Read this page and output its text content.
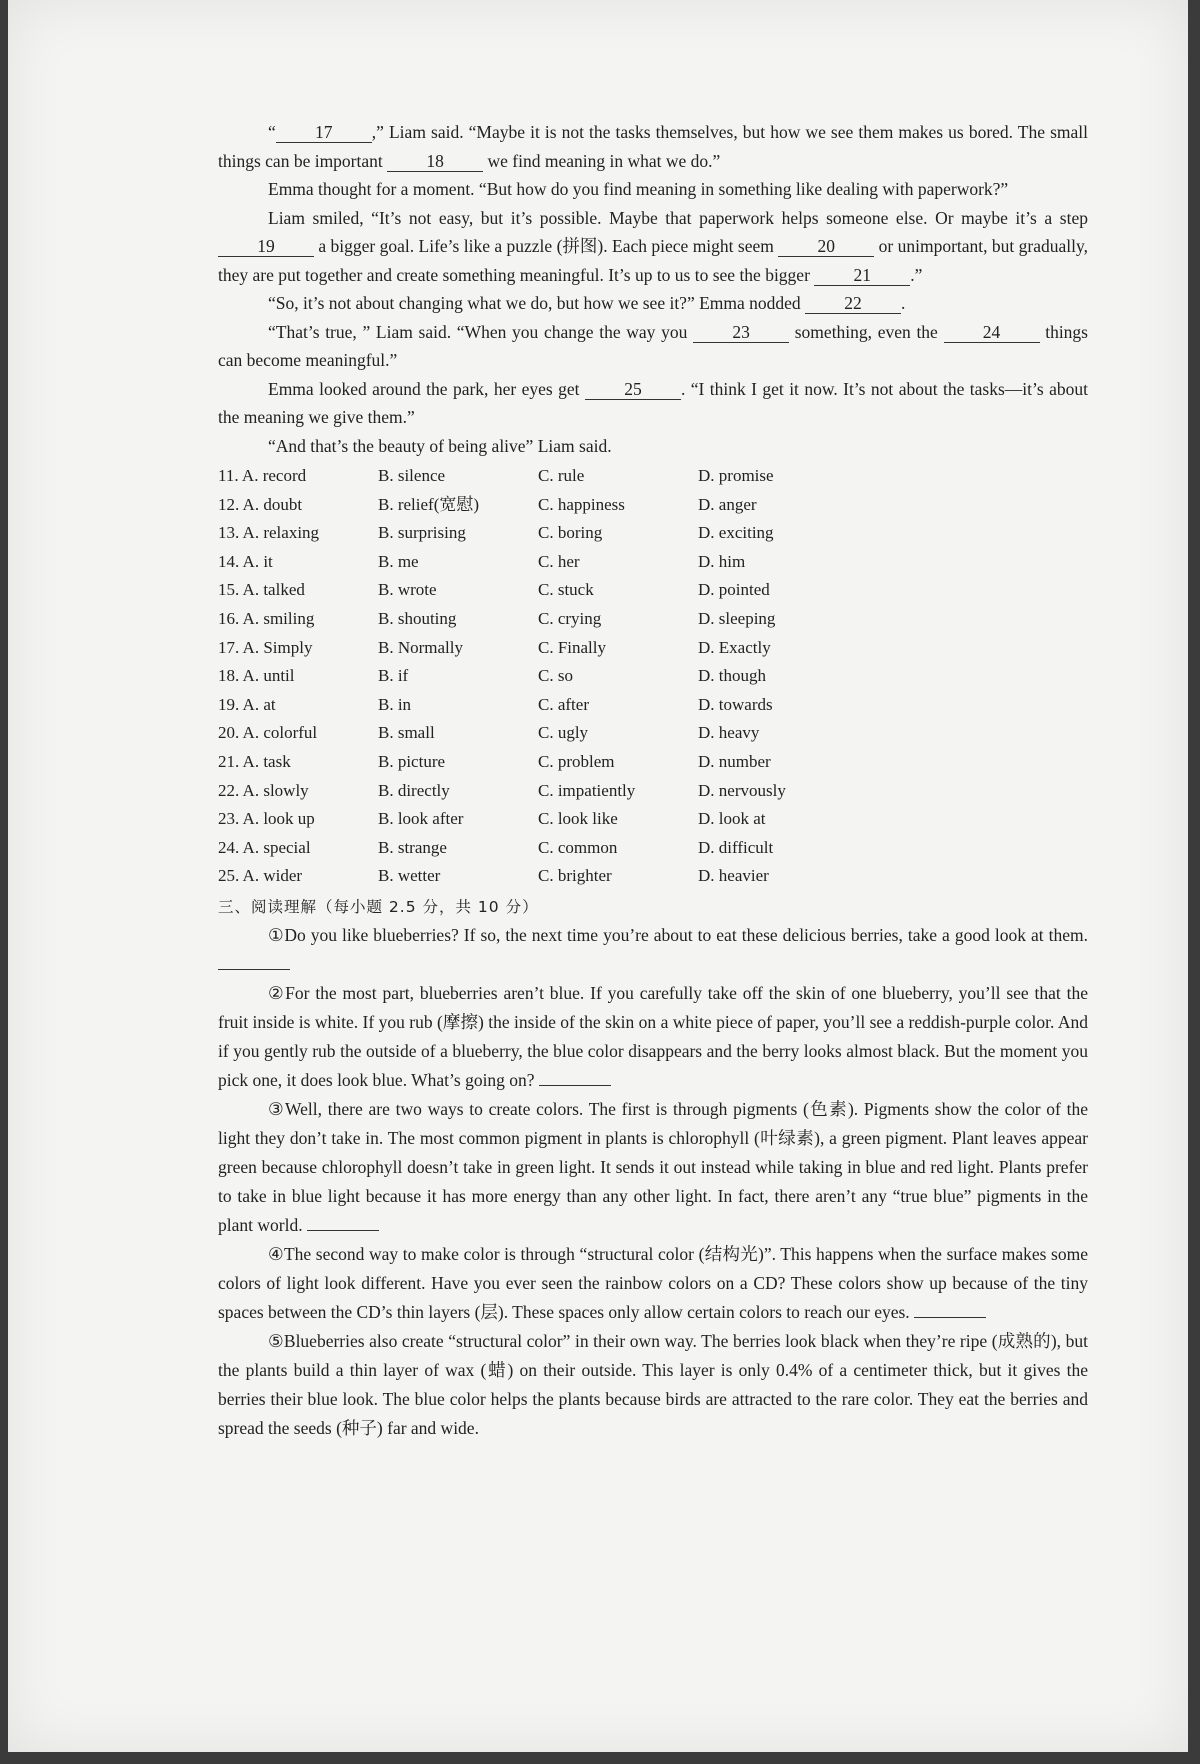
“ 17 ,” Liam said. “Maybe it is not the tasks themselves, but how we see them makes us bored. The small things can be important 18 we find meaning in what we do.”

Emma thought for a moment. “But how do you find meaning in something like dealing with paperwork?”

Liam smiled, “It’s not easy, but it’s possible. Maybe that paperwork helps someone else. Or maybe it’s a step 19 a bigger goal. Life’s like a puzzle (拼图). Each piece might seem 20 or unimportant, but gradually, they are put together and create something meaningful. It’s up to us to see the bigger 21 .”

“So, it’s not about changing what we do, but how we see it?” Emma nodded 22 .

“That’s true, ” Liam said. “When you change the way you 23 something, even the 24 things can become meaningful.”

Emma looked around the park, her eyes get 25 . “I think I get it now. It’s not about the tasks—it’s about the meaning we give them.”

“And that’s the beauty of being alive” Liam said.

11. A. record	B. silence	C. rule	D. promise
12. A. doubt	B. relief(宽慰)	C. happiness	D. anger
13. A. relaxing	B. surprising	C. boring	D. exciting
14. A. it	B. me	C. her	D. him
15. A. talked	B. wrote	C. stuck	D. pointed
16. A. smiling	B. shouting	C. crying	D. sleeping
17. A. Simply	B. Normally	C. Finally	D. Exactly
18. A. until	B. if	C. so	D. though
19. A. at	B. in	C. after	D. towards
20. A. colorful	B. small	C. ugly	D. heavy
21. A. task	B. picture	C. problem	D. number
22. A. slowly	B. directly	C. impatiently	D. nervously
23. A. look up	B. look after	C. look like	D. look at
24. A. special	B. strange	C. common	D. difficult
25. A. wider	B. wetter	C. brighter	D. heavier
三、阅读理解（每小题 2.5 分，共 10 分）

①Do you like blueberries? If so, the next time you’re about to eat these delicious berries, take a good look at them.

②For the most part, blueberries aren’t blue. If you carefully take off the skin of one blueberry, you’ll see that the fruit inside is white. If you rub (摩擦) the inside of the skin on a white piece of paper, you’ll see a reddish-purple color. And if you gently rub the outside of a blueberry, the blue color disappears and the berry looks almost black. But the moment you pick one, it does look blue. What’s going on?

③Well, there are two ways to create colors. The first is through pigments (色素). Pigments show the color of the light they don’t take in. The most common pigment in plants is chlorophyll (叶绿素), a green pigment. Plant leaves appear green because chlorophyll doesn’t take in green light. It sends it out instead while taking in blue and red light. Plants prefer to take in blue light because it has more energy than any other light. In fact, there aren’t any “true blue” pigments in the plant world.

④The second way to make color is through “structural color (结构光)”. This happens when the surface makes some colors of light look different. Have you ever seen the rainbow colors on a CD? These colors show up because of the tiny spaces between the CD’s thin layers (层). These spaces only allow certain colors to reach our eyes.

⑤Blueberries also create “structural color” in their own way. The berries look black when they’re ripe (成熟的), but the plants build a thin layer of wax (蜡) on their outside. This layer is only 0.4% of a centimeter thick, but it gives the berries their blue look. The blue color helps the plants because birds are attracted to the rare color. They eat the berries and spread the seeds (种子) far and wide.
